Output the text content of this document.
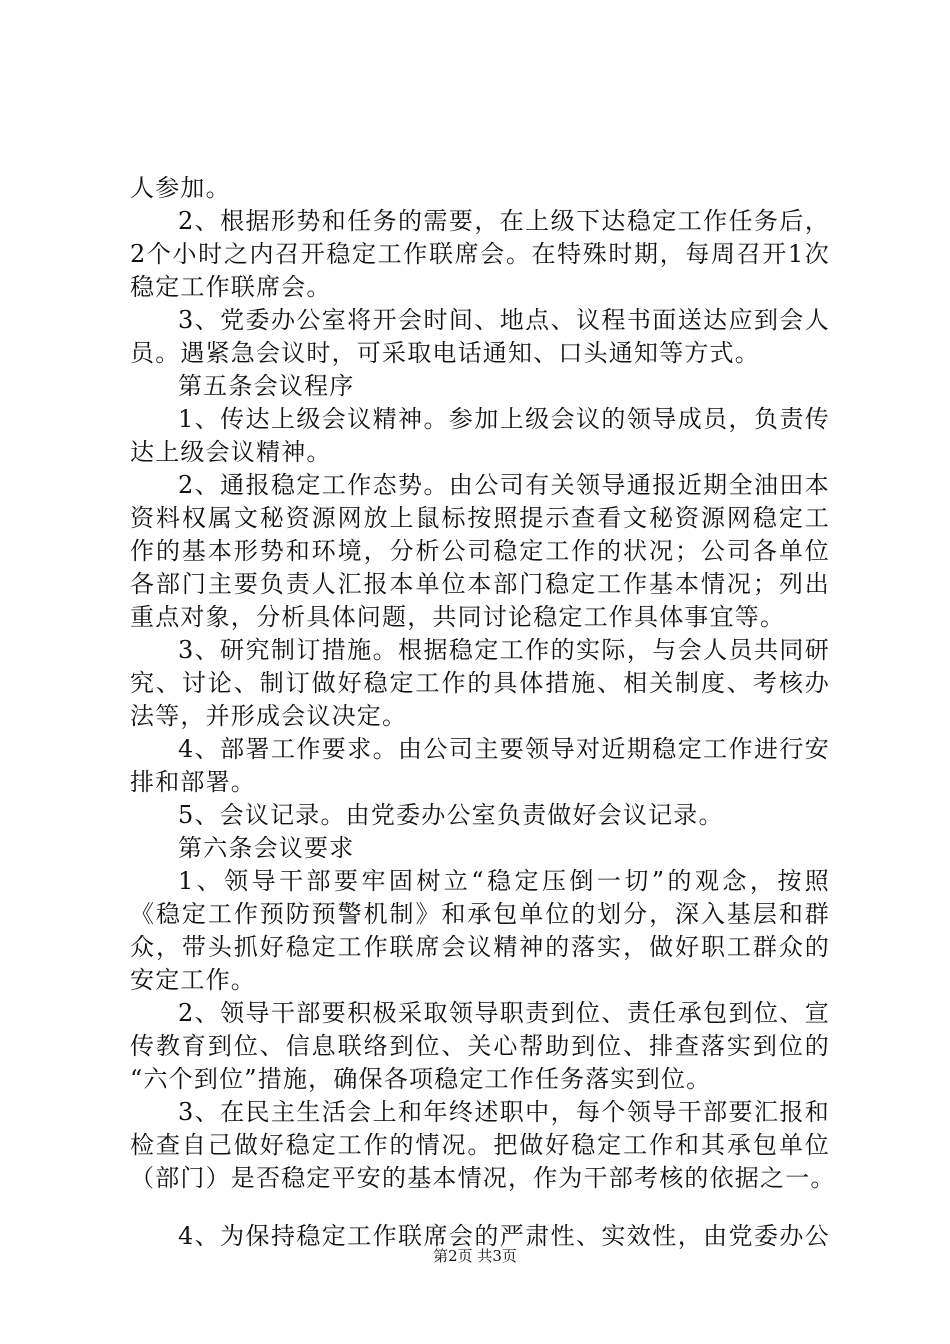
人参加。
2、根据形势和任务的需要，在上级下达稳定工作任务后，
2个小时之内召开稳定工作联席会。在特殊时期，每周召开1次
稳定工作联席会。
3、党委办公室将开会时间、地点、议程书面送达应到会人
员。遇紧急会议时，可采取电话通知、口头通知等方式。
第五条会议程序
1、传达上级会议精神。参加上级会议的领导成员，负责传
达上级会议精神。
2、通报稳定工作态势。由公司有关领导通报近期全油田本
资料权属文秘资源网放上鼠标按照提示查看文秘资源网稳定工
作的基本形势和环境，分析公司稳定工作的状况；公司各单位
各部门主要负责人汇报本单位本部门稳定工作基本情况；列出
重点对象，分析具体问题，共同讨论稳定工作具体事宜等。
3、研究制订措施。根据稳定工作的实际，与会人员共同研
究、讨论、制订做好稳定工作的具体措施、相关制度、考核办
法等，并形成会议决定。
4、部署工作要求。由公司主要领导对近期稳定工作进行安
排和部署。
5、会议记录。由党委办公室负责做好会议记录。
第六条会议要求
1、领导干部要牢固树立“稳定压倒一切”的观念，按照
《稳定工作预防预警机制》和承包单位的划分，深入基层和群
众，带头抓好稳定工作联席会议精神的落实，做好职工群众的
安定工作。
2、领导干部要积极采取领导职责到位、责任承包到位、宣
传教育到位、信息联络到位、关心帮助到位、排查落实到位的
“六个到位”措施，确保各项稳定工作任务落实到位。
3、在民主生活会上和年终述职中，每个领导干部要汇报和
检查自己做好稳定工作的情况。把做好稳定工作和其承包单位
（部门）是否稳定平安的基本情况，作为干部考核的依据之一。
4、为保持稳定工作联席会的严肃性、实效性，由党委办公
第2页 共3页
